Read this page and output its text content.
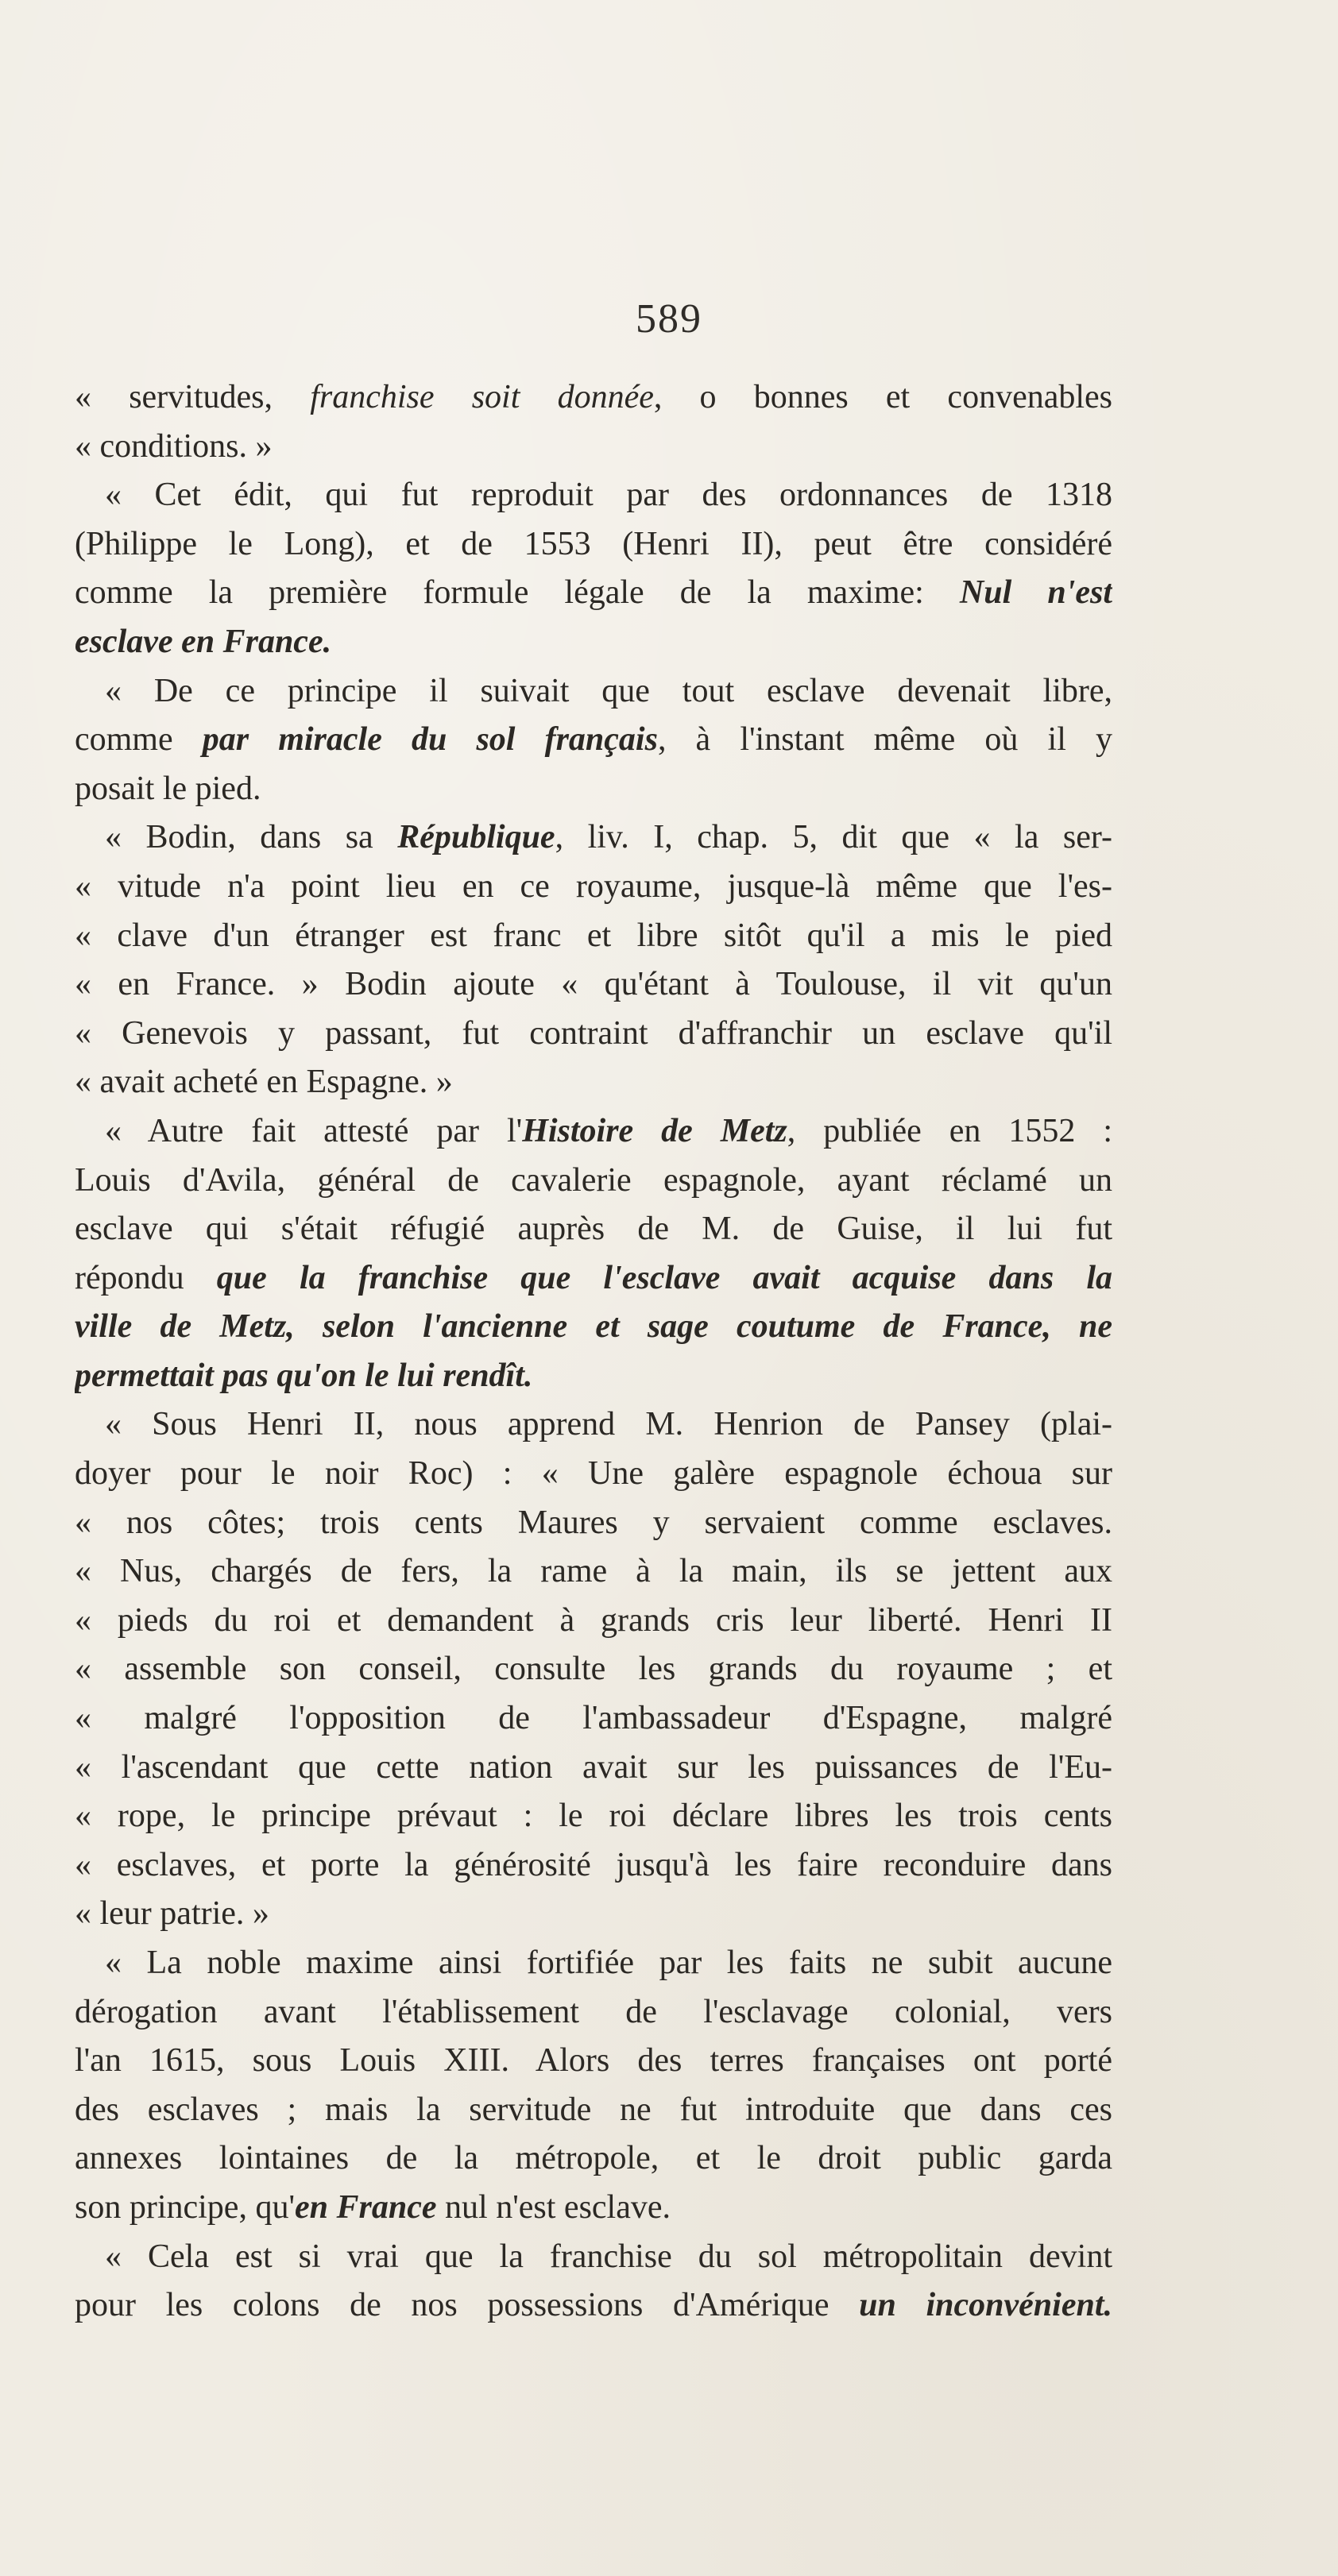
589
« servitudes, franchise soit donnée, o bonnes et convenables
« conditions. »
« Cet édit, qui fut reproduit par des ordonnances de 1318
(Philippe le Long), et de 1553 (Henri II), peut être considéré
comme la première formule légale de la maxime: Nul n'est
esclave en France.
« De ce principe il suivait que tout esclave devenait libre,
comme par miracle du sol français, à l'instant même où il y
posait le pied.
« Bodin, dans sa République, liv. I, chap. 5, dit que « la ser-
« vitude n'a point lieu en ce royaume, jusque-là même que l'es-
« clave d'un étranger est franc et libre sitôt qu'il a mis le pied
« en France. » Bodin ajoute « qu'étant à Toulouse, il vit qu'un
« Genevois y passant, fut contraint d'affranchir un esclave qu'il
« avait acheté en Espagne. »
« Autre fait attesté par l'Histoire de Metz, publiée en 1552 :
Louis d'Avila, général de cavalerie espagnole, ayant réclamé un
esclave qui s'était réfugié auprès de M. de Guise, il lui fut
répondu que la franchise que l'esclave avait acquise dans la
ville de Metz, selon l'ancienne et sage coutume de France, ne
permettait pas qu'on le lui rendît.
« Sous Henri II, nous apprend M. Henrion de Pansey (plai-
doyer pour le noir Roc) : « Une galère espagnole échoua sur
« nos côtes; trois cents Maures y servaient comme esclaves.
« Nus, chargés de fers, la rame à la main, ils se jettent aux
« pieds du roi et demandent à grands cris leur liberté. Henri II
« assemble son conseil, consulte les grands du royaume ; et
« malgré l'opposition de l'ambassadeur d'Espagne, malgré
« l'ascendant que cette nation avait sur les puissances de l'Eu-
« rope, le principe prévaut : le roi déclare libres les trois cents
« esclaves, et porte la générosité jusqu'à les faire reconduire dans
« leur patrie. »
« La noble maxime ainsi fortifiée par les faits ne subit aucune
dérogation avant l'établissement de l'esclavage colonial, vers
l'an 1615, sous Louis XIII. Alors des terres françaises ont porté
des esclaves ; mais la servitude ne fut introduite que dans ces
annexes lointaines de la métropole, et le droit public garda
son principe, qu'en France nul n'est esclave.
« Cela est si vrai que la franchise du sol métropolitain devint
pour les colons de nos possessions d'Amérique un inconvénient.
